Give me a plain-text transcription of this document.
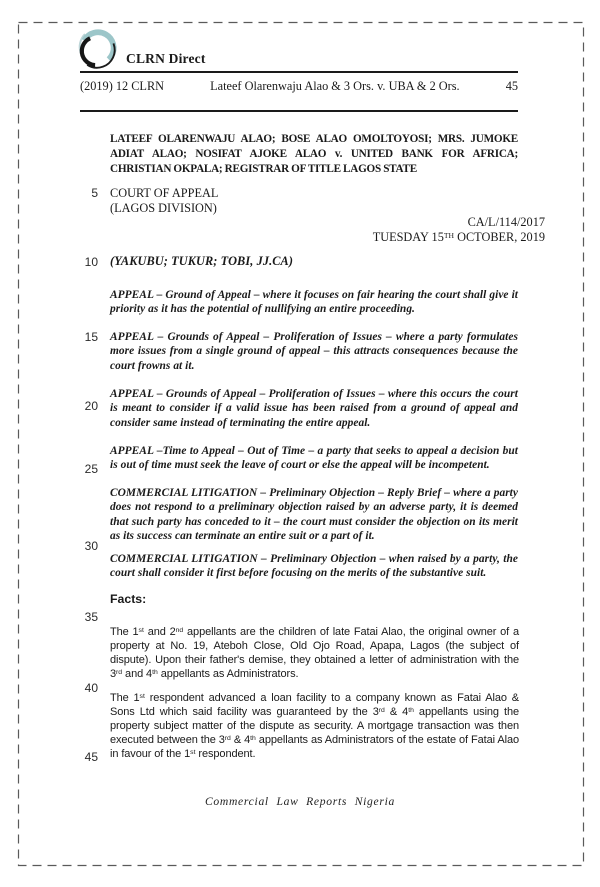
CLRN Direct
(2019) 12 CLRN	Lateef Olarenwaju Alao & 3 Ors. v. UBA & 2 Ors.	45
LATEEF OLARENWAJU ALAO; BOSE ALAO OMOLTOYOSI; MRS. JUMOKE ADIAT ALAO; NOSIFAT AJOKE ALAO v. UNITED BANK FOR AFRICA; CHRISTIAN OKPALA; REGISTRAR OF TITLE LAGOS STATE
COURT OF APPEAL
(LAGOS DIVISION)
CA/L/114/2017
TUESDAY 15TH OCTOBER, 2019
(YAKUBU; TUKUR; TOBI, JJ.CA)
5
10
15
20
25
30
35
40
45
APPEAL – Ground of Appeal – where it focuses on fair hearing the court shall give it priority as it has the potential of nullifying an entire proceeding.
APPEAL – Grounds of Appeal – Proliferation of Issues – where a party formulates more issues from a single ground of appeal – this attracts consequences because the court frowns at it.
APPEAL – Grounds of Appeal – Proliferation of Issues – where this occurs the court is meant to consider if a valid issue has been raised from a ground of appeal and consider same instead of terminating the entire appeal.
APPEAL –Time to Appeal – Out of Time – a party that seeks to appeal a decision but is out of time must seek the leave of court or else the appeal will be incompetent.
COMMERCIAL LITIGATION – Preliminary Objection – Reply Brief – where a party does not respond to a preliminary objection raised by an adverse party, it is deemed that such party has conceded to it – the court must consider the objection on its merit as its success can terminate an entire suit or a part of it.
COMMERCIAL LITIGATION – Preliminary Objection – when raised by a party, the court shall consider it first before focusing on the merits of the substantive suit.
Facts:
The 1st and 2nd appellants are the children of late Fatai Alao, the original owner of a property at No. 19, Ateboh Close, Old Ojo Road, Apapa, Lagos (the subject of dispute). Upon their father's demise, they obtained a letter of administration with the 3rd and 4th appellants as Administrators.
The 1st respondent advanced a loan facility to a company known as Fatai Alao & Sons Ltd which said facility was guaranteed by the 3rd & 4th appellants using the property subject matter of the dispute as security. A mortgage transaction was then executed between the 3rd & 4th appellants as Administrators of the estate of Fatai Alao in favour of the 1st respondent.
Commercial Law Reports Nigeria
